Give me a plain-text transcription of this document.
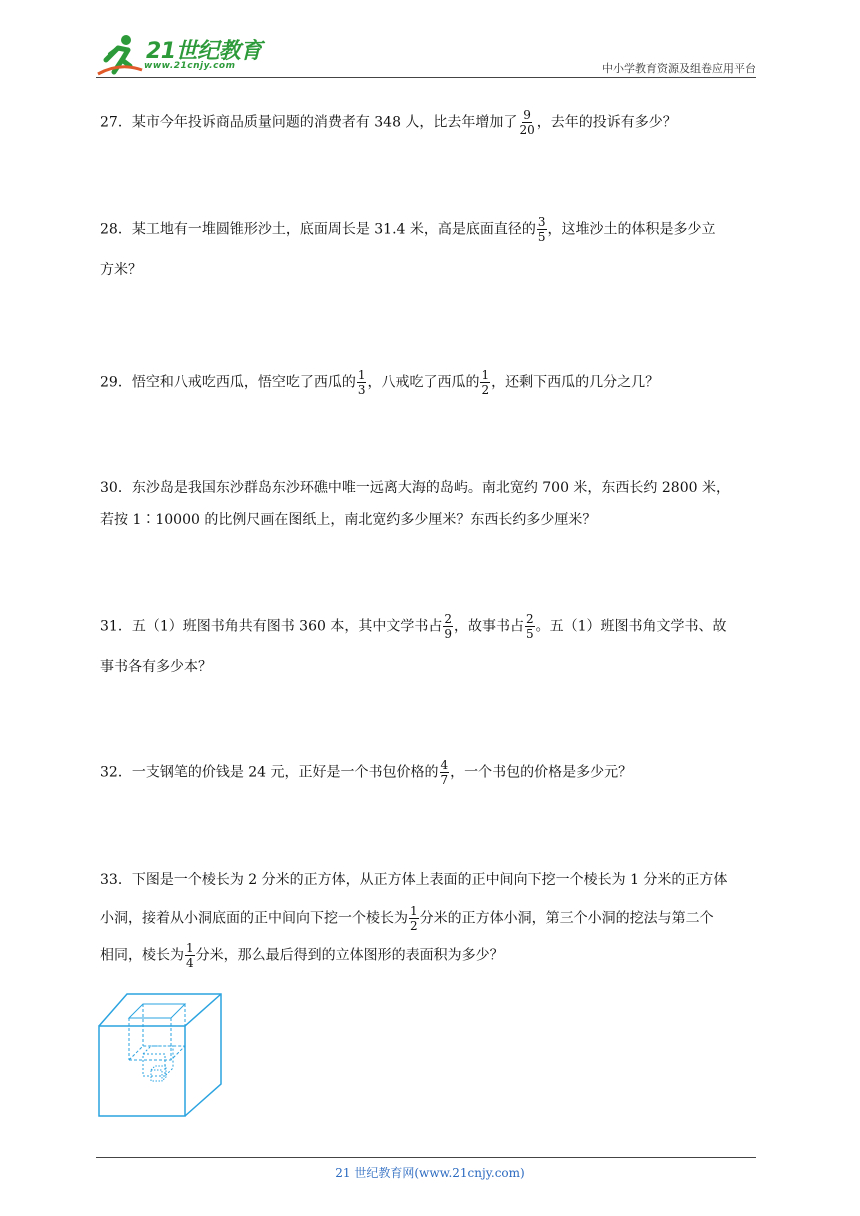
21世纪教育
www.21cnjy.com	中小学教育资源及组卷应用平台
27．某市今年投诉商品质量问题的消费者有 348 人，比去年增加了 $\frac{9}{20}$ ，去年的投诉有多少？
28．某工地有一堆圆锥形沙土，底面周长是 31.4 米，高是底面直径的 $\frac{3}{5}$ ，这堆沙土的体积是多少立
方米？
29．悟空和八戒吃西瓜，悟空吃了西瓜的 $\frac{1}{3}$ ，八戒吃了西瓜的 $\frac{1}{2}$ ，还剩下西瓜的几分之几？
30．东沙岛是我国东沙群岛东沙环礁中唯一远离大海的岛屿。南北宽约 700 米，东西长约 2800 米，
若按 1∶10000 的比例尺画在图纸上，南北宽约多少厘米？东西长约多少厘米？
31．五（1）班图书角共有图书 360 本，其中文学书占 $\frac{2}{9}$ ，故事书占 $\frac{2}{5}$ 。五（1）班图书角文学书、故
事书各有多少本？
32．一支钢笔的价钱是 24 元，正好是一个书包价格的 $\frac{4}{7}$ ，一个书包的价格是多少元？
33．下图是一个棱长为 2 分米的正方体，从正方体上表面的正中间向下挖一个棱长为 1 分米的正方体
小洞，接着从小洞底面的正中间向下挖一个棱长为 $\frac{1}{2}$ 分米的正方体小洞，第三个小洞的挖法与第二个
相同，棱长为 $\frac{1}{4}$ 分米，那么最后得到的立体图形的表面积为多少？
21 世纪教育网(www.21cnjy.com)
